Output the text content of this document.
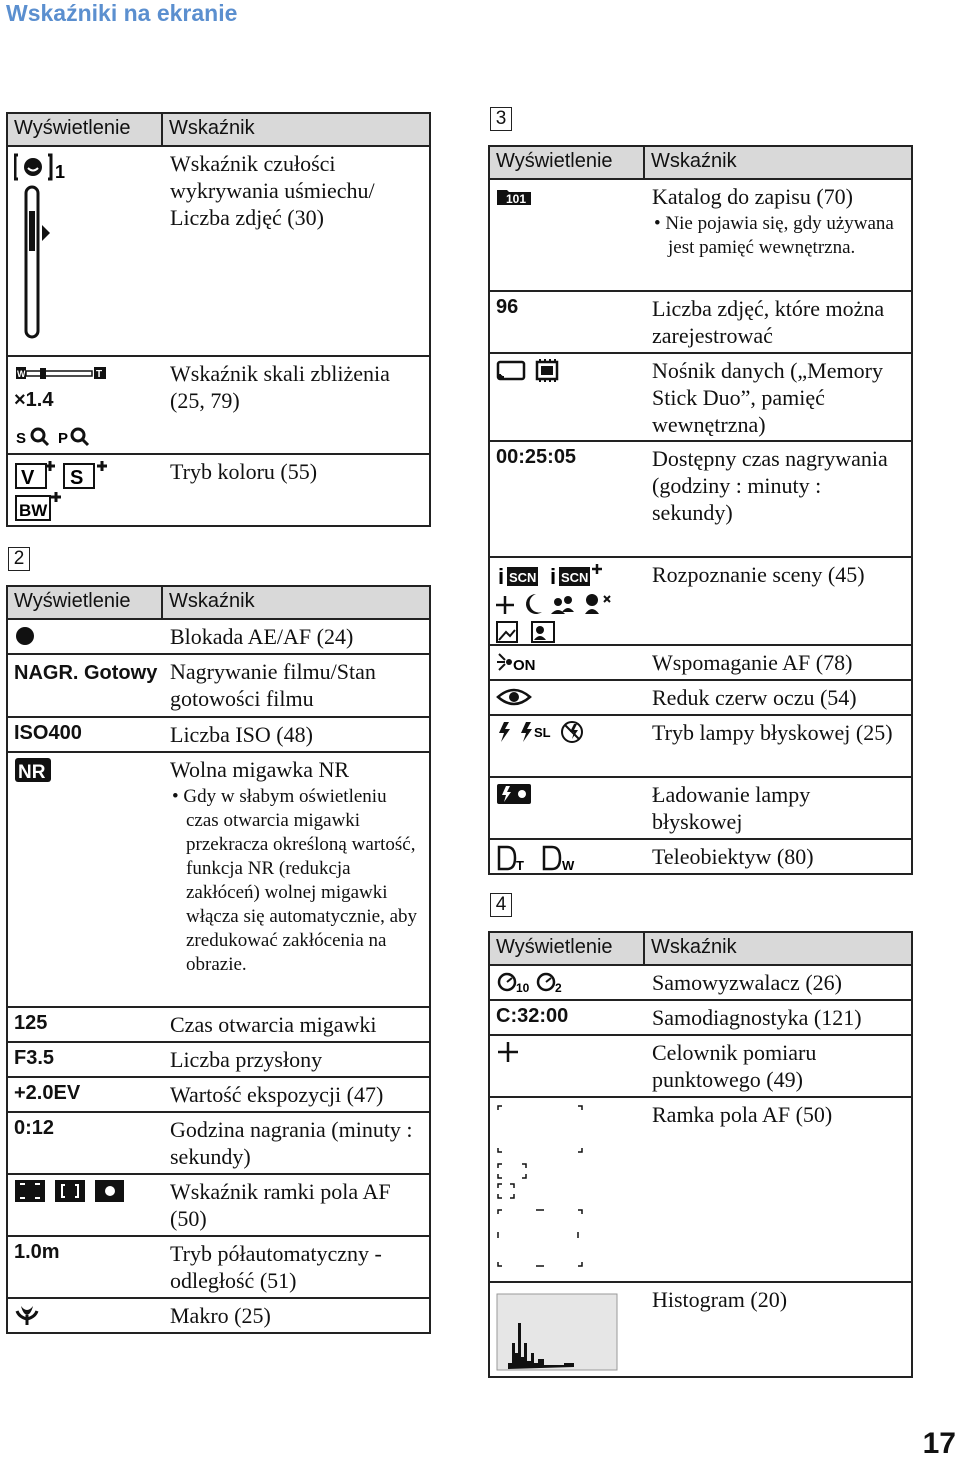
Wskaźniki na ekranie
Wyświetlenie	Wskaźnik

1	Wskaźnik czułości wykrywania uśmiechu/ Liczba zdjęć (30)

W T
S P
×1.4	Wskaźnik skali zbliżenia (25, 79)

V S
BW	Tryb koloru (55)
2
Wyświetlenie	Wskaźnik

	Blokada AE/AF (24)
NAGR. Gotowy	Nagrywanie filmu/Stan gotowości filmu
ISO400	Liczba ISO (48)

NR	Wolna migawka NR
• Gdy w słabym oświetleniu czas otwarcia migawki przekracza określoną wartość, funkcja NR (redukcja zakłóceń) wolnej migawki włącza się automatycznie, aby zredukować zakłócenia na obrazie.

125	Czas otwarcia migawki
F3.5	Liczba przysłony
+2.0EV	Wartość ekspozycji (47)
0:12	Godzina nagrania (minuty : sekundy)

	Wskaźnik ramki pola AF (50)
1.0m	Tryb półautomatyczny - odległość (51)

	Makro (25)
3
Wyświetlenie	Wskaźnik

101	Katalog do zapisu (70)
• Nie pojawia się, gdy używana jest pamięć wewnętrzna.

96	Liczba zdjęć, które można zarejestrować

	Nośnik danych („Memory Stick Duo”, pamięć wewnętrzna)
00:25:05	Dostępny czas nagrywania (godziny : minuty : sekundy)

i SCN i SCN	Rozpoznanie sceny (45)

ON	Wspomaganie AF (78)

	Reduk czerw oczu (54)

SL	Tryb lampy błyskowej (25)

	Ładowanie lampy błyskowej

T W	Teleobiektyw (80)
4
Wyświetlenie	Wskaźnik

10 2	Samowyzwalacz (26)
C:32:00	Samodiagnostyka (121)

	Celownik pomiaru punktowego (49)

	Ramka pola AF (50)

	Histogram (20)
17
